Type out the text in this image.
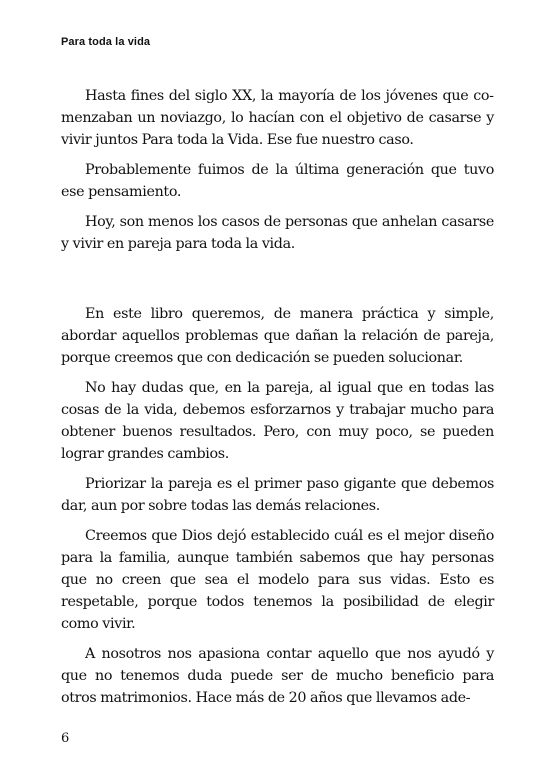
Para toda la vida

Hasta fines del siglo XX, la mayoría de los jóvenes que comenzaban un noviazgo, lo hacían con el objetivo de casarse y vivir juntos Para toda la Vida. Ese fue nuestro caso.

Probablemente fuimos de la última generación que tuvo ese pensamiento.

Hoy, son menos los casos de personas que anhelan casarse y vivir en pareja para toda la vida.

En este libro queremos, de manera práctica y simple, abordar aquellos problemas que dañan la relación de pareja, porque creemos que con dedicación se pueden solucionar.

No hay dudas que, en la pareja, al igual que en todas las cosas de la vida, debemos esforzarnos y trabajar mucho para obtener buenos resultados. Pero, con muy poco, se pueden lograr grandes cambios.

Priorizar la pareja es el primer paso gigante que debemos dar, aun por sobre todas las demás relaciones.

Creemos que Dios dejó establecido cuál es el mejor diseño para la familia, aunque también sabemos que hay personas que no creen que sea el modelo para sus vidas. Esto es respetable, porque todos tenemos la posibilidad de elegir como vivir.

A nosotros nos apasiona contar aquello que nos ayudó y que no tenemos duda puede ser de mucho beneficio para otros matrimonios. Hace más de 20 años que llevamos ade-

6
